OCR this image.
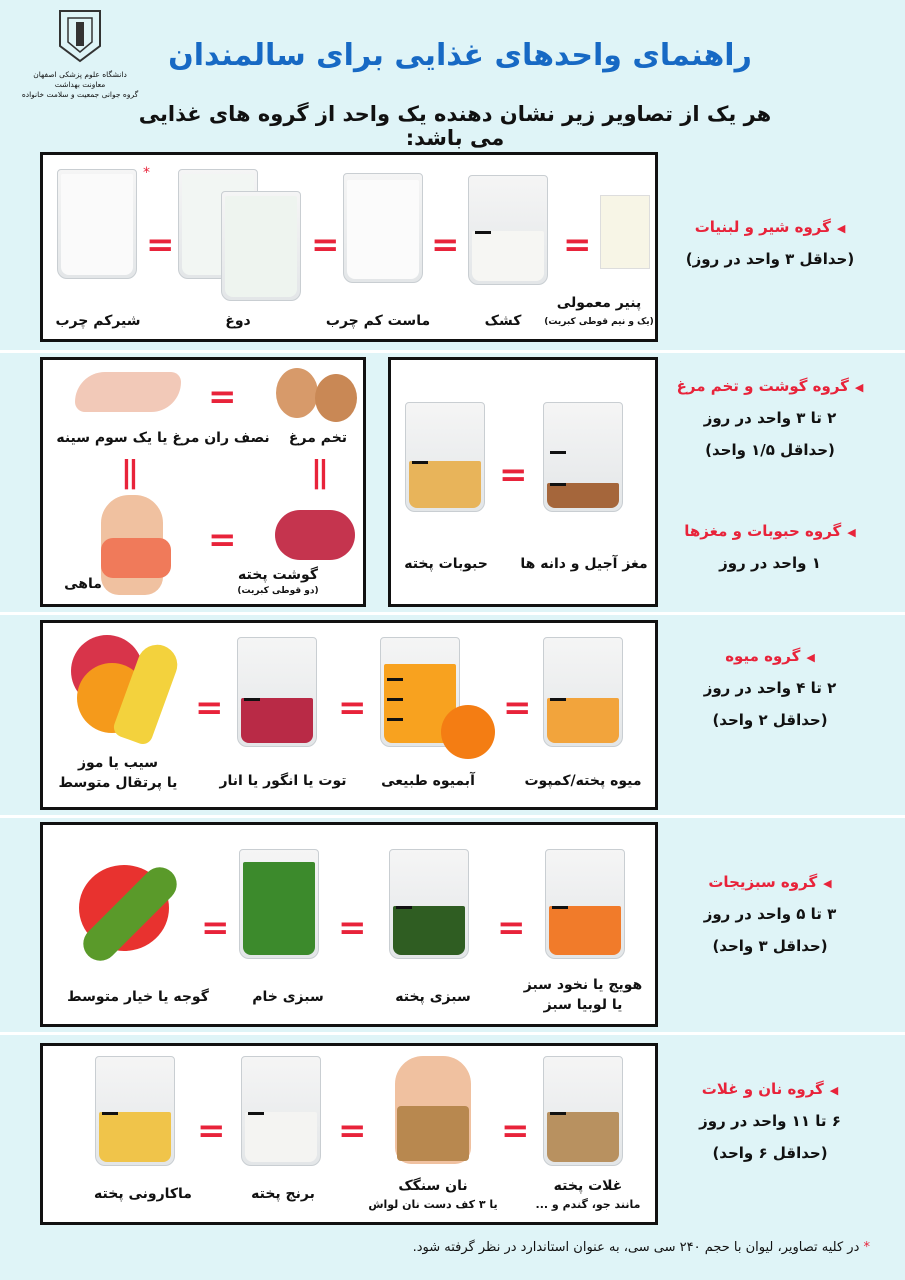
دانشگاه علوم پزشکی اصفهان
معاونت بهداشت
گروه جوانی جمعیت و سلامت خانواده
راهنمای واحدهای غذایی برای سالمندان
هر یک از تصاویر زیر نشان دهنده یک واحد از گروه های غذایی می باشد:
*
=	=	=	=
شیرکم چرب	دوغ	ماست کم چرب	کشک
پنیر معمولی
(یک و نیم قوطی کبریت)
◀گروه شیر و لبنیات
(حداقل ۳ واحد در روز)
=
نصف ران مرغ یا یک سوم سینه	تخم مرغ
||	||
=
ماهی
گوشت پخته
(دو قوطی کبریت)
=
حبوبات پخته	مغز آجیل و دانه ها
◀گروه گوشت و تخم مرغ
۲ تا ۳ واحد در روز
(حداقل ۱/۵ واحد)
◀گروه حبوبات و مغزها
۱ واحد در روز
=	=	=
سیب یا موز
یا پرتقال متوسط	توت یا انگور یا انار	آبمیوه طبیعی	میوه پخته/کمپوت
◀گروه میوه
۲ تا ۴ واحد در روز
(حداقل ۲ واحد)
=	=	=
گوجه یا خیار متوسط	سبزی خام	سبزی پخته
هویج یا نخود سبز
یا لوبیا سبز
◀گروه سبزیجات
۳ تا ۵ واحد در روز
(حداقل ۳ واحد)
=	=	=
ماکارونی پخته	برنج پخته	نان سنگک
یا ۳ کف دست نان لواش
غلات پخته
مانند جو، گندم و ...
◀گروه نان و غلات
۶ تا ۱۱ واحد در روز
(حداقل ۶ واحد)
* در کلیه تصاویر، لیوان با حجم ۲۴۰ سی سی، به عنوان استاندارد در نظر گرفته شود.
